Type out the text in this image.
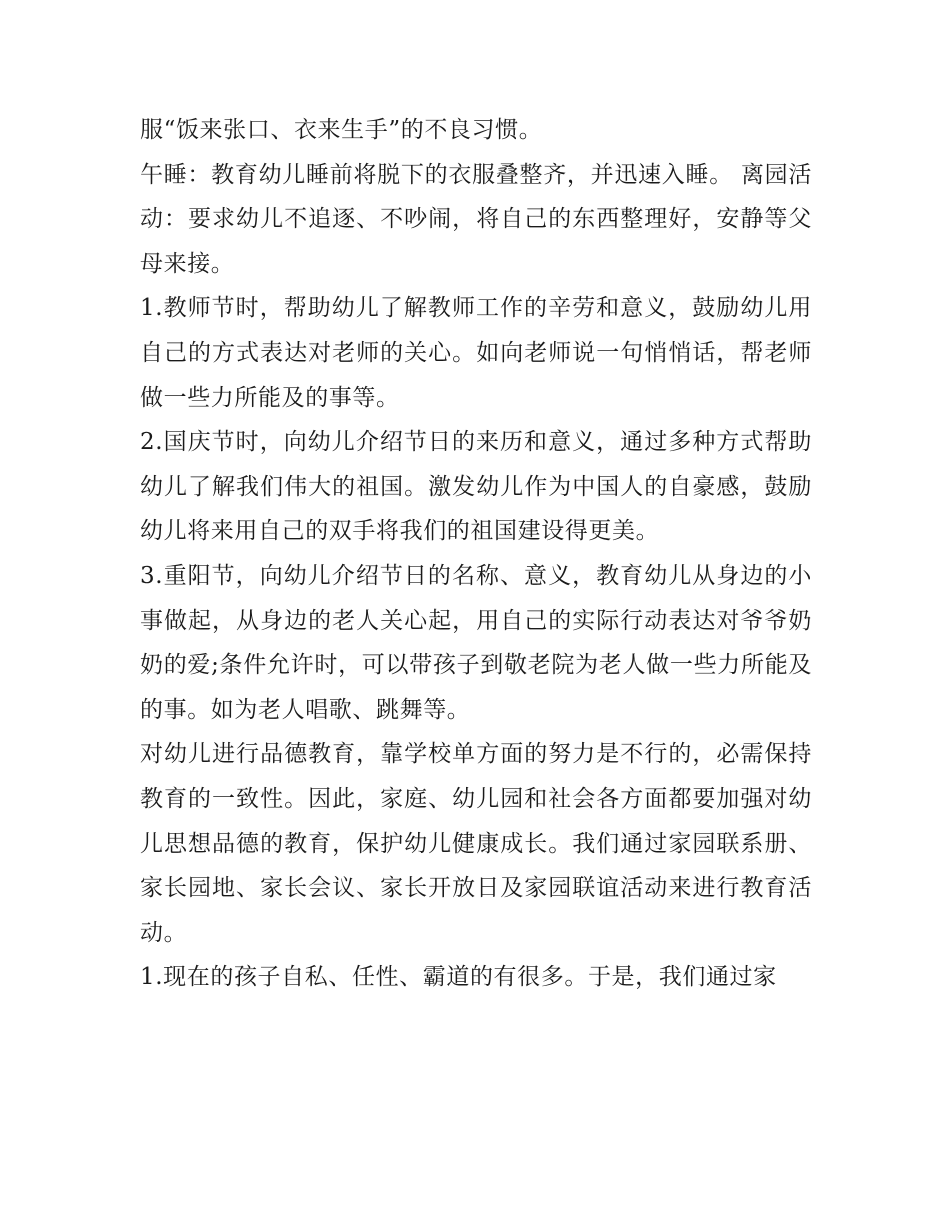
服“饭来张口、衣来生手”的不良习惯。

午睡：教育幼儿睡前将脱下的衣服叠整齐，并迅速入睡。 离园活动：要求幼儿不追逐、不吵闹，将自己的东西整理好，安静等父母来接。

1.教师节时，帮助幼儿了解教师工作的辛劳和意义，鼓励幼儿用自己的方式表达对老师的关心。如向老师说一句悄悄话，帮老师做一些力所能及的事等。

2.国庆节时，向幼儿介绍节日的来历和意义，通过多种方式帮助幼儿了解我们伟大的祖国。激发幼儿作为中国人的自豪感，鼓励幼儿将来用自己的双手将我们的祖国建设得更美。

3.重阳节，向幼儿介绍节日的名称、意义，教育幼儿从身边的小事做起，从身边的老人关心起，用自己的实际行动表达对爷爷奶奶的爱;条件允许时，可以带孩子到敬老院为老人做一些力所能及的事。如为老人唱歌、跳舞等。

对幼儿进行品德教育，靠学校单方面的努力是不行的，必需保持教育的一致性。因此，家庭、幼儿园和社会各方面都要加强对幼儿思想品德的教育，保护幼儿健康成长。我们通过家园联系册、家长园地、家长会议、家长开放日及家园联谊活动来进行教育活动。

1.现在的孩子自私、任性、霸道的有很多。于是，我们通过家
